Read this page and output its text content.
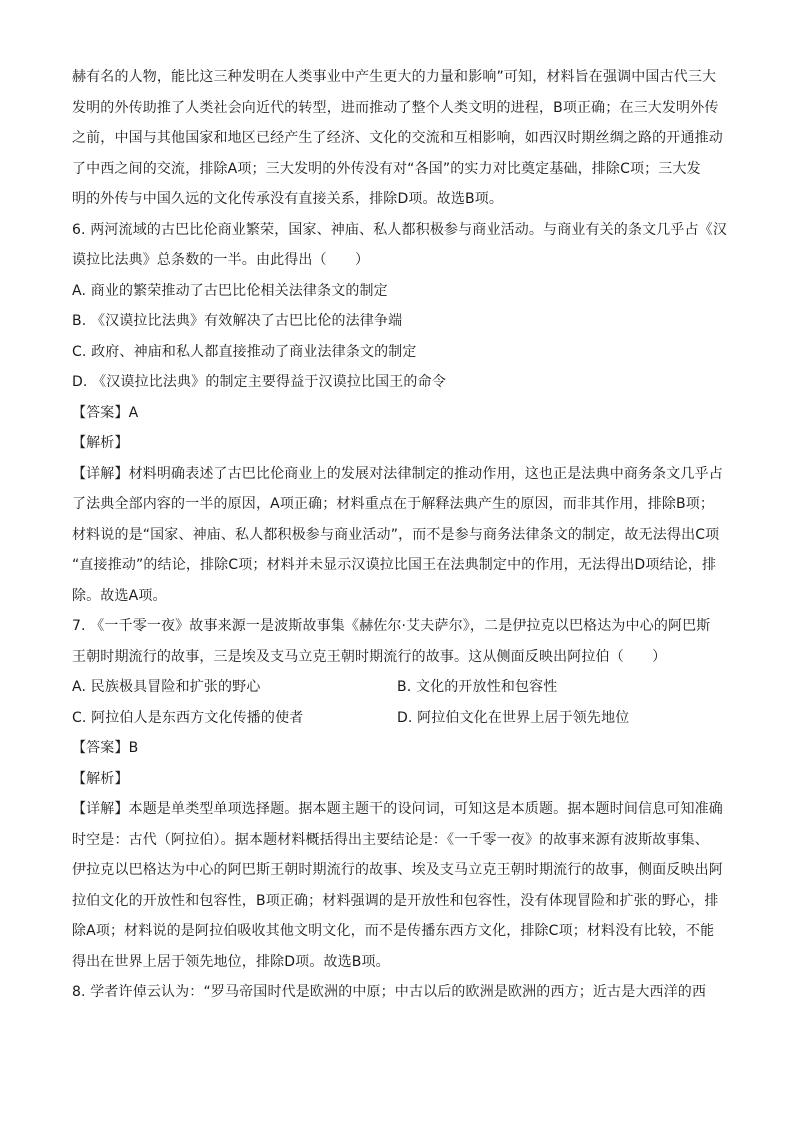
赫有名的人物，能比这三种发明在人类事业中产生更大的力量和影响”可知，材料旨在强调中国古代三大
发明的外传助推了人类社会向近代的转型，进而推动了整个人类文明的进程，B项正确；在三大发明外传
之前，中国与其他国家和地区已经产生了经济、文化的交流和互相影响，如西汉时期丝绸之路的开通推动
了中西之间的交流，排除A项；三大发明的外传没有对“各国”的实力对比奠定基础，排除C项；三大发
明的外传与中国久远的文化传承没有直接关系，排除D项。故选B项。
6. 两河流域的古巴比伦商业繁荣，国家、神庙、私人都积极参与商业活动。与商业有关的条文几乎占《汉
谟拉比法典》总条数的一半。由此得出（　　）
A. 商业的繁荣推动了古巴比伦相关法律条文的制定
B. 《汉谟拉比法典》有效解决了古巴比伦的法律争端
C. 政府、神庙和私人都直接推动了商业法律条文的制定
D. 《汉谟拉比法典》的制定主要得益于汉谟拉比国王的命令
【答案】A
【解析】
【详解】材料明确表述了古巴比伦商业上的发展对法律制定的推动作用，这也正是法典中商务条文几乎占
了法典全部内容的一半的原因，A项正确；材料重点在于解释法典产生的原因，而非其作用，排除B项；
材料说的是“国家、神庙、私人都积极参与商业活动”，而不是参与商务法律条文的制定，故无法得出C项
“直接推动”的结论，排除C项；材料并未显示汉谟拉比国王在法典制定中的作用，无法得出D项结论，排
除。故选A项。
7. 《一千零一夜》故事来源一是波斯故事集《赫佐尔·艾夫萨尔》，二是伊拉克以巴格达为中心的阿巴斯
王朝时期流行的故事，三是埃及支马立克王朝时期流行的故事。这从侧面反映出阿拉伯（　　）
A. 民族极具冒险和扩张的野心	B. 文化的开放性和包容性
C. 阿拉伯人是东西方文化传播的使者	D. 阿拉伯文化在世界上居于领先地位
【答案】B
【解析】
【详解】本题是单类型单项选择题。据本题主题干的设问词，可知这是本质题。据本题时间信息可知准确
时空是：古代（阿拉伯）。据本题材料概括得出主要结论是：《一千零一夜》的故事来源有波斯故事集、
伊拉克以巴格达为中心的阿巴斯王朝时期流行的故事、埃及支马立克王朝时期流行的故事，侧面反映出阿
拉伯文化的开放性和包容性，B项正确；材料强调的是开放性和包容性，没有体现冒险和扩张的野心，排
除A项；材料说的是阿拉伯吸收其他文明文化，而不是传播东西方文化，排除C项；材料没有比较，不能
得出在世界上居于领先地位，排除D项。故选B项。
8. 学者许倬云认为：“罗马帝国时代是欧洲的中原；中古以后的欧洲是欧洲的西方；近古是大西洋的西
